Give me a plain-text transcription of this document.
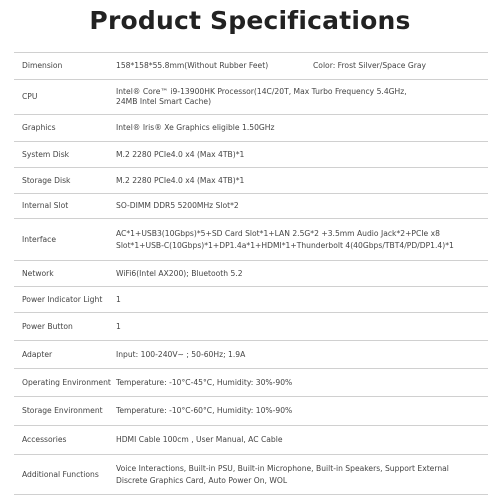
Product Specifications
Dimension	158*158*55.8mm(Without Rubber Feet) Color: Frost Silver/Space Gray

CPU	Intel® Core™ i9-13900HK Processor(14C/20T, Max Turbo Frequency 5.4GHz,
24MB Intel Smart Cache)

Graphics	Intel® Iris® Xe Graphics eligible 1.50GHz
System Disk	M.2 2280 PCIe4.0 x4 (Max 4TB)*1
Storage Disk	M.2 2280 PCIe4.0 x4 (Max 4TB)*1
Internal Slot	SO-DIMM DDR5 5200MHz Slot*2
Interface	AC*1+USB3(10Gbps)*5+SD Card Slot*1+LAN 2.5G*2 +3.5mm Audio Jack*2+PCIe x8
Slot*1+USB-C(10Gbps)*1+DP1.4a*1+HDMI*1+Thunderbolt 4(40Gbps/TBT4/PD/DP1.4)*1

Network	WiFi6(Intel AX200); Bluetooth 5.2
Power Indicator Light	1
Power Button	1
Adapter	Input: 100-240V~ ; 50-60Hz; 1.9A
Operating Environment	Temperature: -10°C-45°C, Humidity: 30%-90%
Storage Environment	Temperature: -10°C-60°C, Humidity: 10%-90%
Accessories	HDMI Cable 100cm , User Manual, AC Cable
Additional Functions	Voice Interactions, Built-in PSU, Built-in Microphone, Built-in Speakers, Support External
Discrete Graphics Card, Auto Power On, WOL
